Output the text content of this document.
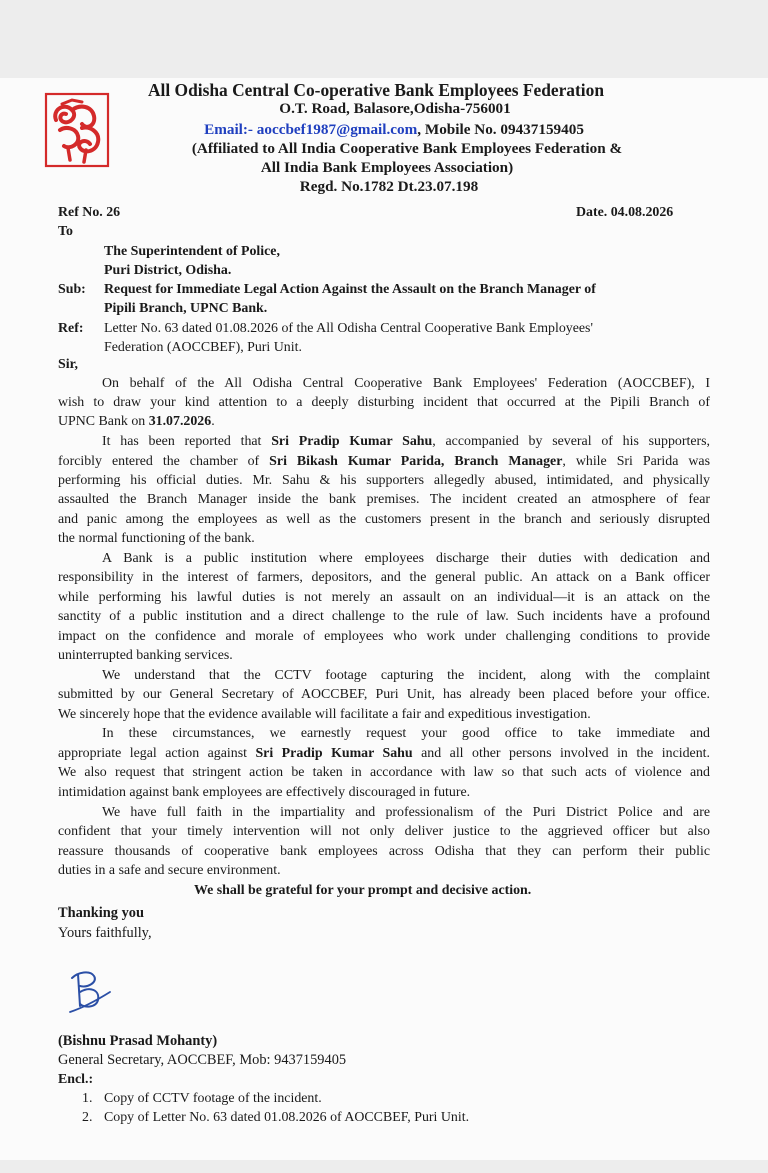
All Odisha Central Co-operative Bank Employees Federation
O.T. Road, Balasore,Odisha-756001
Email:- aoccbef1987@gmail.com, Mobile No. 09437159405
(Affiliated to All India Cooperative Bank Employees Federation &
All India Bank Employees Association)
Regd. No.1782 Dt.23.07.198
Ref No. 26	Date. 04.08.2026
To
The Superintendent of Police,
Puri District, Odisha.
Sub: Request for Immediate Legal Action Against the Assault on the Branch Manager of
Pipili Branch, UPNC Bank.
Ref: Letter No. 63 dated 01.08.2026 of the All Odisha Central Cooperative Bank Employees'
Federation (AOCCBEF), Puri Unit.
Sir,
On behalf of the All Odisha Central Cooperative Bank Employees' Federation (AOCCBEF), I
wish to draw your kind attention to a deeply disturbing incident that occurred at the Pipili Branch of
UPNC Bank on 31.07.2026.
It has been reported that Sri Pradip Kumar Sahu, accompanied by several of his supporters,
forcibly entered the chamber of Sri Bikash Kumar Parida, Branch Manager, while Sri Parida was
performing his official duties. Mr. Sahu & his supporters allegedly abused, intimidated, and physically
assaulted the Branch Manager inside the bank premises. The incident created an atmosphere of fear
and panic among the employees as well as the customers present in the branch and seriously disrupted
the normal functioning of the bank.
A Bank is a public institution where employees discharge their duties with dedication and
responsibility in the interest of farmers, depositors, and the general public. An attack on a Bank officer
while performing his lawful duties is not merely an assault on an individual—it is an attack on the
sanctity of a public institution and a direct challenge to the rule of law. Such incidents have a profound
impact on the confidence and morale of employees who work under challenging conditions to provide
uninterrupted banking services.
We understand that the CCTV footage capturing the incident, along with the complaint
submitted by our General Secretary of AOCCBEF, Puri Unit, has already been placed before your office.
We sincerely hope that the evidence available will facilitate a fair and expeditious investigation.
In these circumstances, we earnestly request your good office to take immediate and
appropriate legal action against Sri Pradip Kumar Sahu and all other persons involved in the incident.
We also request that stringent action be taken in accordance with law so that such acts of violence and
intimidation against bank employees are effectively discouraged in future.
We have full faith in the impartiality and professionalism of the Puri District Police and are
confident that your timely intervention will not only deliver justice to the aggrieved officer but also
reassure thousands of cooperative bank employees across Odisha that they can perform their public
duties in a safe and secure environment.
We shall be grateful for your prompt and decisive action.
Thanking you
Yours faithfully,
(Bishnu Prasad Mohanty)
General Secretary, AOCCBEF, Mob: 9437159405
Encl.:
1. Copy of CCTV footage of the incident.
2. Copy of Letter No. 63 dated 01.08.2026 of AOCCBEF, Puri Unit.
